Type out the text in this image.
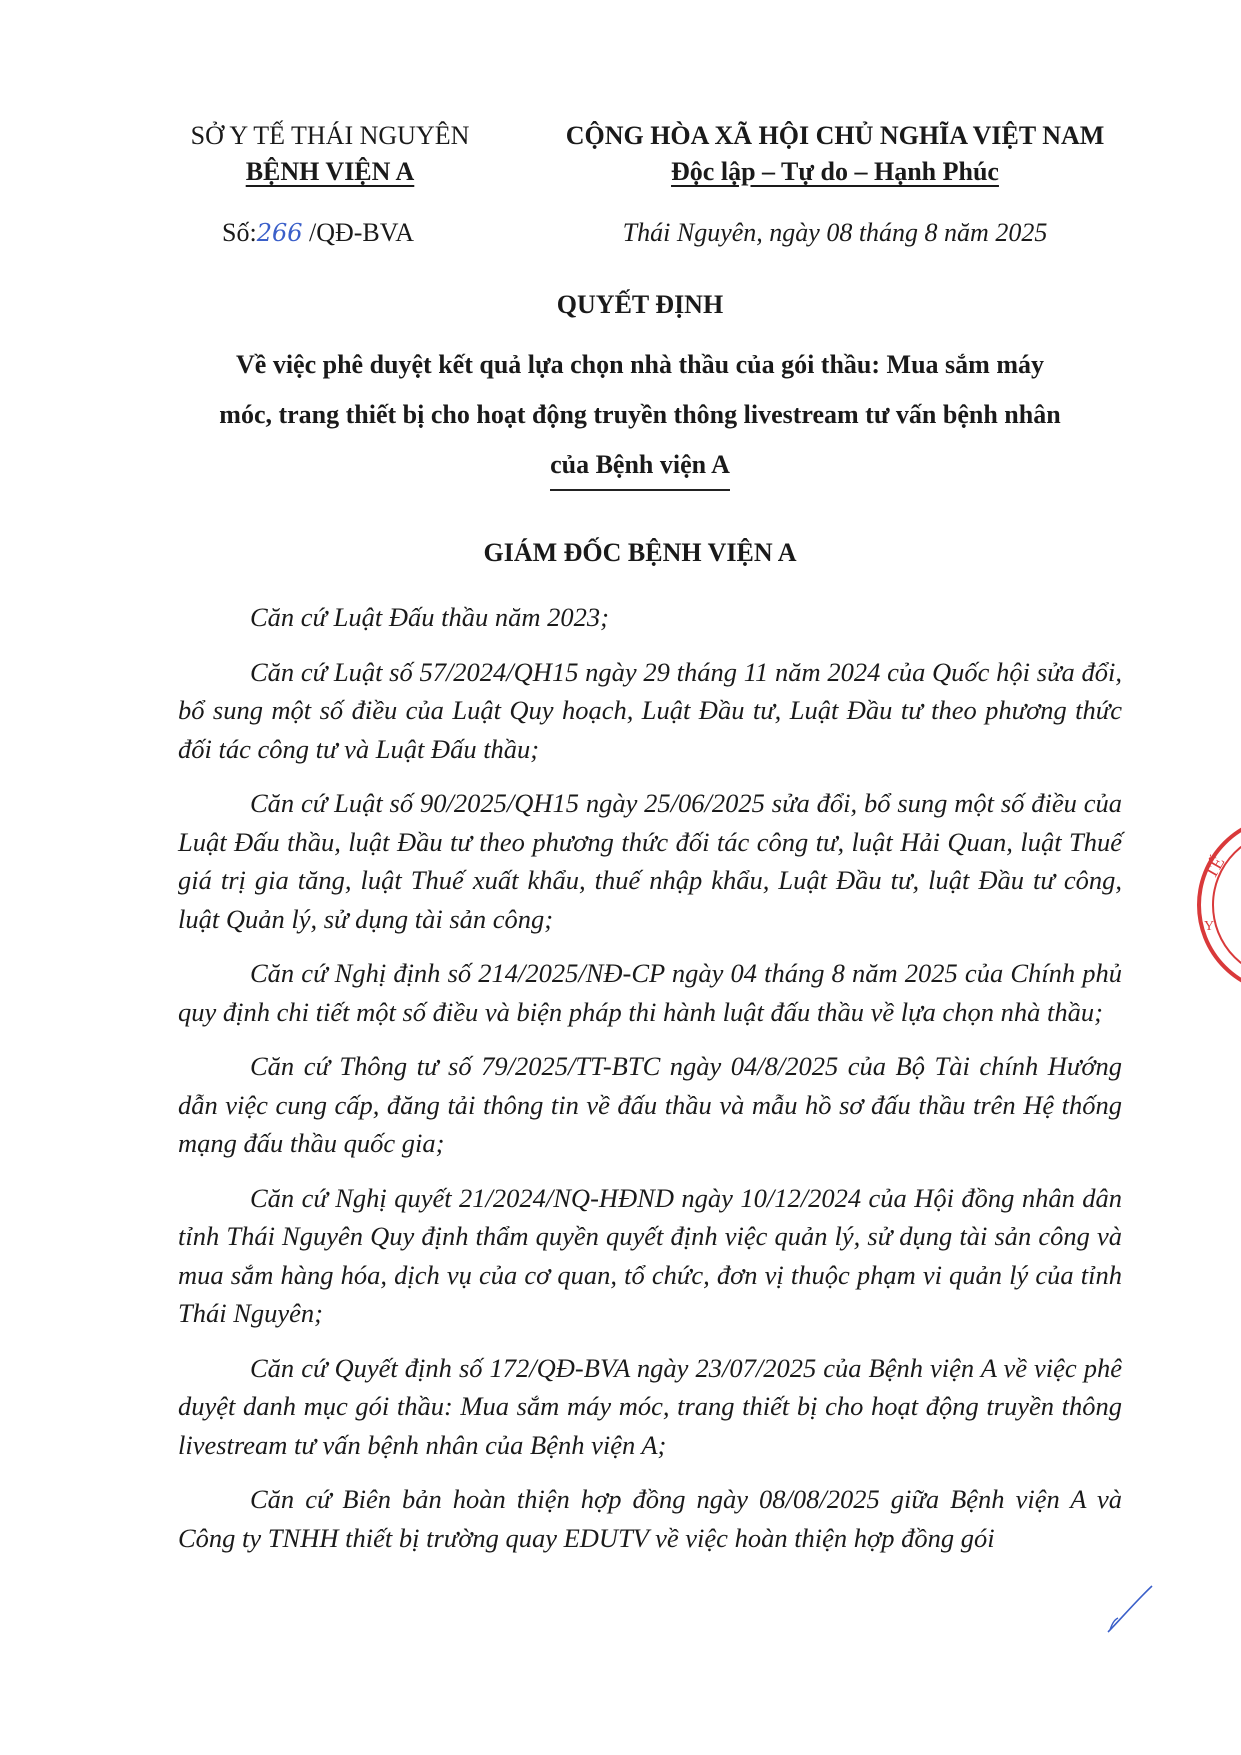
SỞ Y TẾ THÁI NGUYÊN
BỆNH VIỆN A
CỘNG HÒA XÃ HỘI CHỦ NGHĨA VIỆT NAM
Độc lập – Tự do – Hạnh Phúc
Số:266 /QĐ-BVA	Thái Nguyên, ngày 08 tháng 8 năm 2025
QUYẾT ĐỊNH
Về việc phê duyệt kết quả lựa chọn nhà thầu của gói thầu: Mua sắm máy
móc, trang thiết bị cho hoạt động truyền thông livestream tư vấn bệnh nhân
của Bệnh viện A
GIÁM ĐỐC BỆNH VIỆN A

Căn cứ Luật Đấu thầu năm 2023;

Căn cứ Luật số 57/2024/QH15 ngày 29 tháng 11 năm 2024 của Quốc hội sửa đổi, bổ sung một số điều của Luật Quy hoạch, Luật Đầu tư, Luật Đầu tư theo phương thức đối tác công tư và Luật Đấu thầu;

Căn cứ Luật số 90/2025/QH15 ngày 25/06/2025 sửa đổi, bổ sung một số điều của Luật Đấu thầu, luật Đầu tư theo phương thức đối tác công tư, luật Hải Quan, luật Thuế giá trị gia tăng, luật Thuế xuất khẩu, thuế nhập khẩu, Luật Đầu tư, luật Đầu tư công, luật Quản lý, sử dụng tài sản công;

Căn cứ Nghị định số 214/2025/NĐ-CP ngày 04 tháng 8 năm 2025 của Chính phủ quy định chi tiết một số điều và biện pháp thi hành luật đấu thầu về lựa chọn nhà thầu;

Căn cứ Thông tư số 79/2025/TT-BTC ngày 04/8/2025 của Bộ Tài chính Hướng dẫn việc cung cấp, đăng tải thông tin về đấu thầu và mẫu hồ sơ đấu thầu trên Hệ thống mạng đấu thầu quốc gia;

Căn cứ Nghị quyết 21/2024/NQ-HĐND ngày 10/12/2024 của Hội đồng nhân dân tỉnh Thái Nguyên Quy định thẩm quyền quyết định việc quản lý, sử dụng tài sản công và mua sắm hàng hóa, dịch vụ của cơ quan, tổ chức, đơn vị thuộc phạm vi quản lý của tỉnh Thái Nguyên;

Căn cứ Quyết định số 172/QĐ-BVA ngày 23/07/2025 của Bệnh viện A về việc phê duyệt danh mục gói thầu: Mua sắm máy móc, trang thiết bị cho hoạt động truyền thông livestream tư vấn bệnh nhân của Bệnh viện A;

Căn cứ Biên bản hoàn thiện hợp đồng ngày 08/08/2025 giữa Bệnh viện A và Công ty TNHH thiết bị trường quay EDUTV về việc hoàn thiện hợp đồng gói

TẾ
Y
